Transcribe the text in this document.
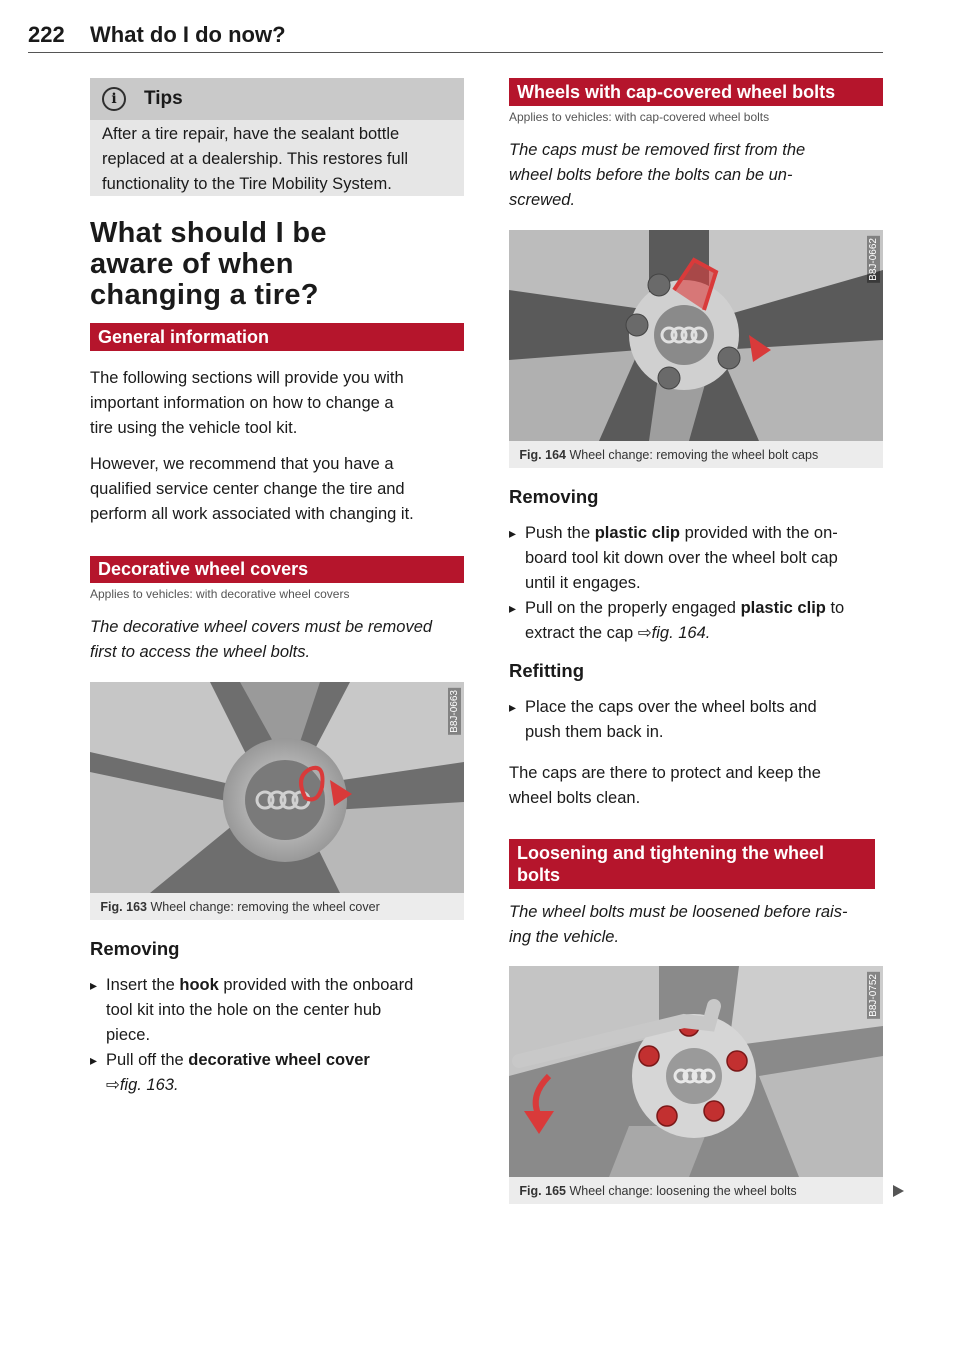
222 What do I do now?
i	Tips
After a tire repair, have the sealant bottle
replaced at a dealership. This restores full
functionality to the Tire Mobility System.
What should I be
aware of when
changing a tire?
General information
The following sections will provide you with
important information on how to change a
tire using the vehicle tool kit.
However, we recommend that you have a
qualified service center change the tire and
perform all work associated with changing it.
Decorative wheel covers
Applies to vehicles: with decorative wheel covers
The decorative wheel covers must be removed
first to access the wheel bolts.
B8J-0663
Fig. 163 Wheel change: removing the wheel cover
Removing
▸ Insert the hook provided with the onboard
tool kit into the hole on the center hub
piece.
▸ Pull off the decorative wheel cover
⇨fig. 163.
Wheels with cap-covered wheel bolts
Applies to vehicles: with cap-covered wheel bolts
The caps must be removed first from the
wheel bolts before the bolts can be un-
screwed.
B8J-0662
Fig. 164 Wheel change: removing the wheel bolt caps
Removing
▸ Push the plastic clip provided with the on-
board tool kit down over the wheel bolt cap
until it engages.
▸ Pull on the properly engaged plastic clip to
extract the cap ⇨fig. 164.
Refitting
▸ Place the caps over the wheel bolts and
push them back in.
The caps are there to protect and keep the
wheel bolts clean.
Loosening and tightening the wheel
bolts
The wheel bolts must be loosened before rais-
ing the vehicle.
B8J-0752
Fig. 165 Wheel change: loosening the wheel bolts
